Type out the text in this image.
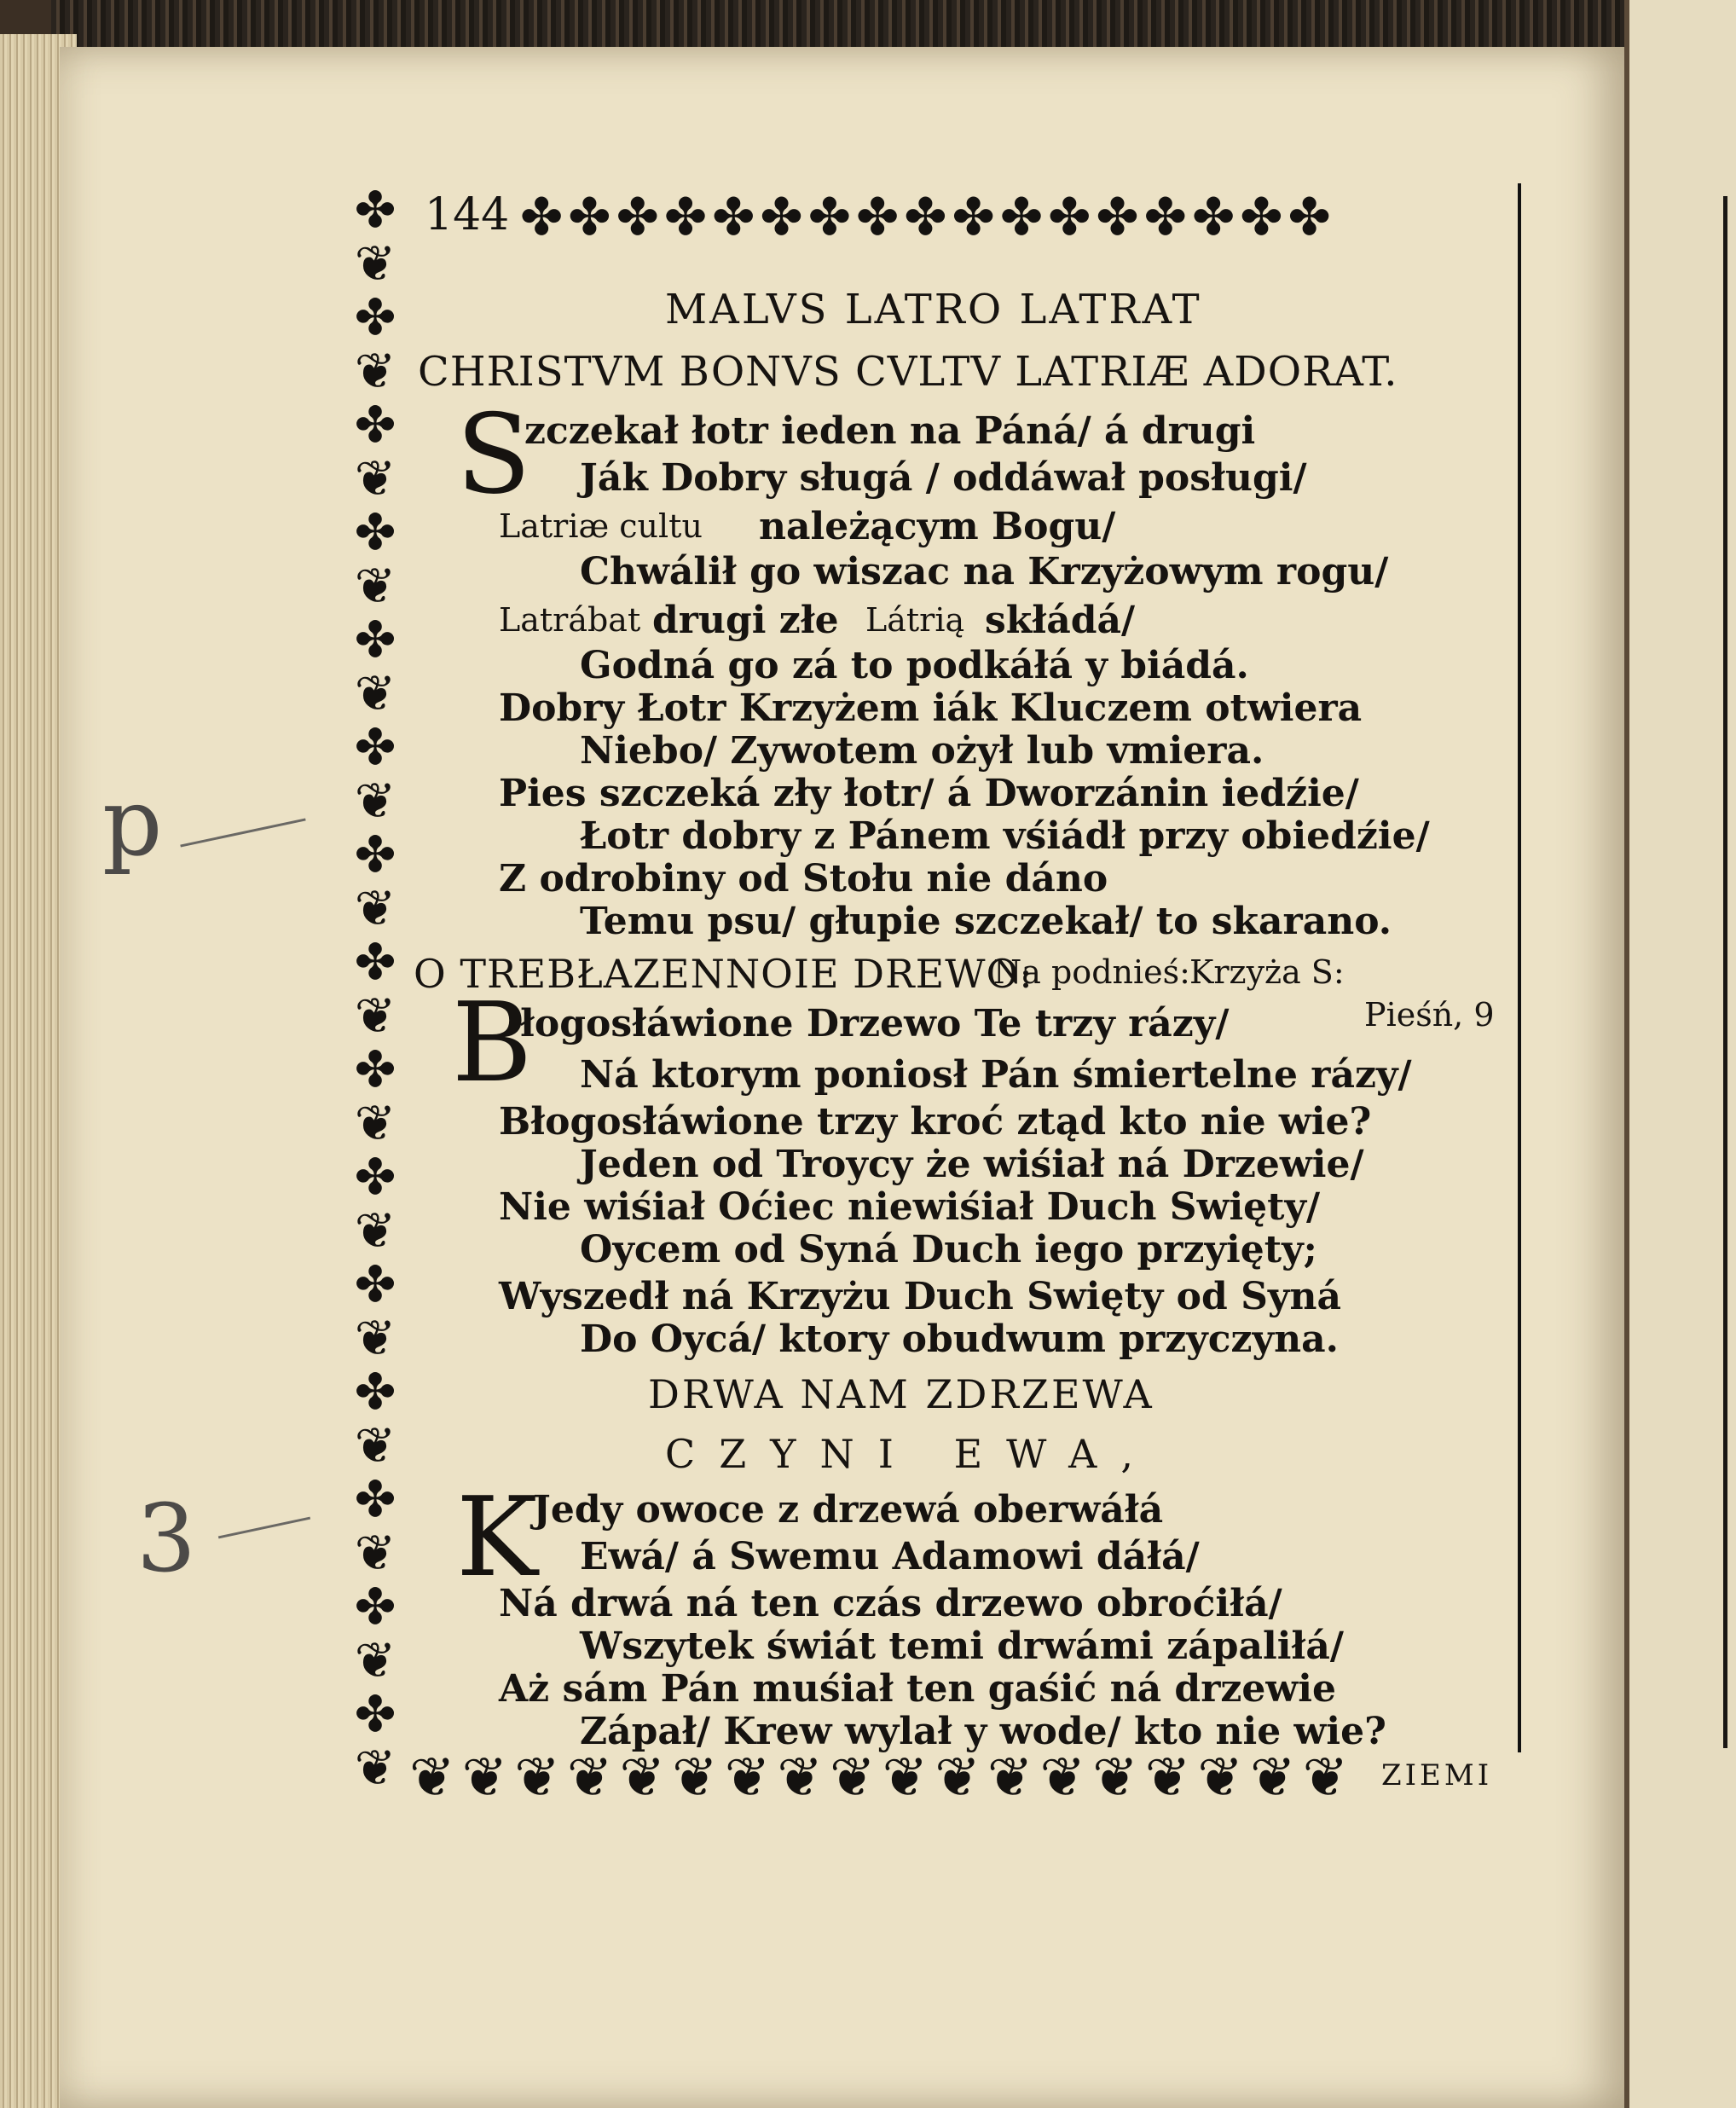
p
3
✤
❦
✤
❦
✤
❦
✤
❦
✤
❦
✤
❦
✤
❦
✤
❦
✤
❦
✤
❦
✤
❦
✤
❦
✤
❦
✤
❦
✤
❦
✤ ✤ ✤ ✤ ✤ ✤ ✤ ✤ ✤ ✤ ✤ ✤ ✤ ✤ ✤ ✤ ✤
❦ ❦ ❦ ❦ ❦ ❦ ❦ ❦ ❦ ❦ ❦ ❦ ❦ ❦ ❦ ❦ ❦ ❦
144
MALVS LATRO LATRAT
CHRISTVM BONVS CVLTV LATRIÆ ADORAT.
S
zczekał łotr ieden na Páná/ á drugi
Ják Dobry sługá / oddáwał posługi/
Latriæ cultu należącym Bogu/
Chwálił go wiszac na Krzyżowym rogu/
Latrábat drugi złe Látrią skłádá/
Godná go zá to podkáłá y biádá.
Dobry Łotr Krzyżem iák Kluczem otwiera
Niebo/ Zywotem ożył lub vmiera.
Pies szczeká zły łotr/ á Dworzánin iedźie/
Łotr dobry z Pánem vśiádł przy obiedźie/
Z odrobiny od Stołu nie dáno
Temu psu/ głupie szczekał/ to skarano.
O TREBŁAZENNOIE DREWO:
Na podnieś: Krzyża S:
Pieśń, 9
B
łogosłáwione Drzewo Te trzy rázy/
Ná ktorym poniosł Pán śmiertelne rázy/
Błogosłáwione trzy kroć ztąd kto nie wie?
Jeden od Troycy że wiśiał ná Drzewie/
Nie wiśiał Oćiec niewiśiał Duch Swięty/
Oycem od Syná Duch iego przyięty;
Wyszedł ná Krzyżu Duch Swięty od Syná
Do Oycá/ ktory obudwum przyczyna.
DRWA NAM ZDRZEWA
CZYNI EWA,
K
Jedy owoce z drzewá oberwáłá
Ewá/ á Swemu Adamowi dáłá/
Ná drwá ná ten czás drzewo obroćiłá/
Wszytek świát temi drwámi zápaliłá/
Aż sám Pán muśiał ten gaśić ná drzewie
Zápał/ Krew wylał y wode/ kto nie wie?
ZIEMI
